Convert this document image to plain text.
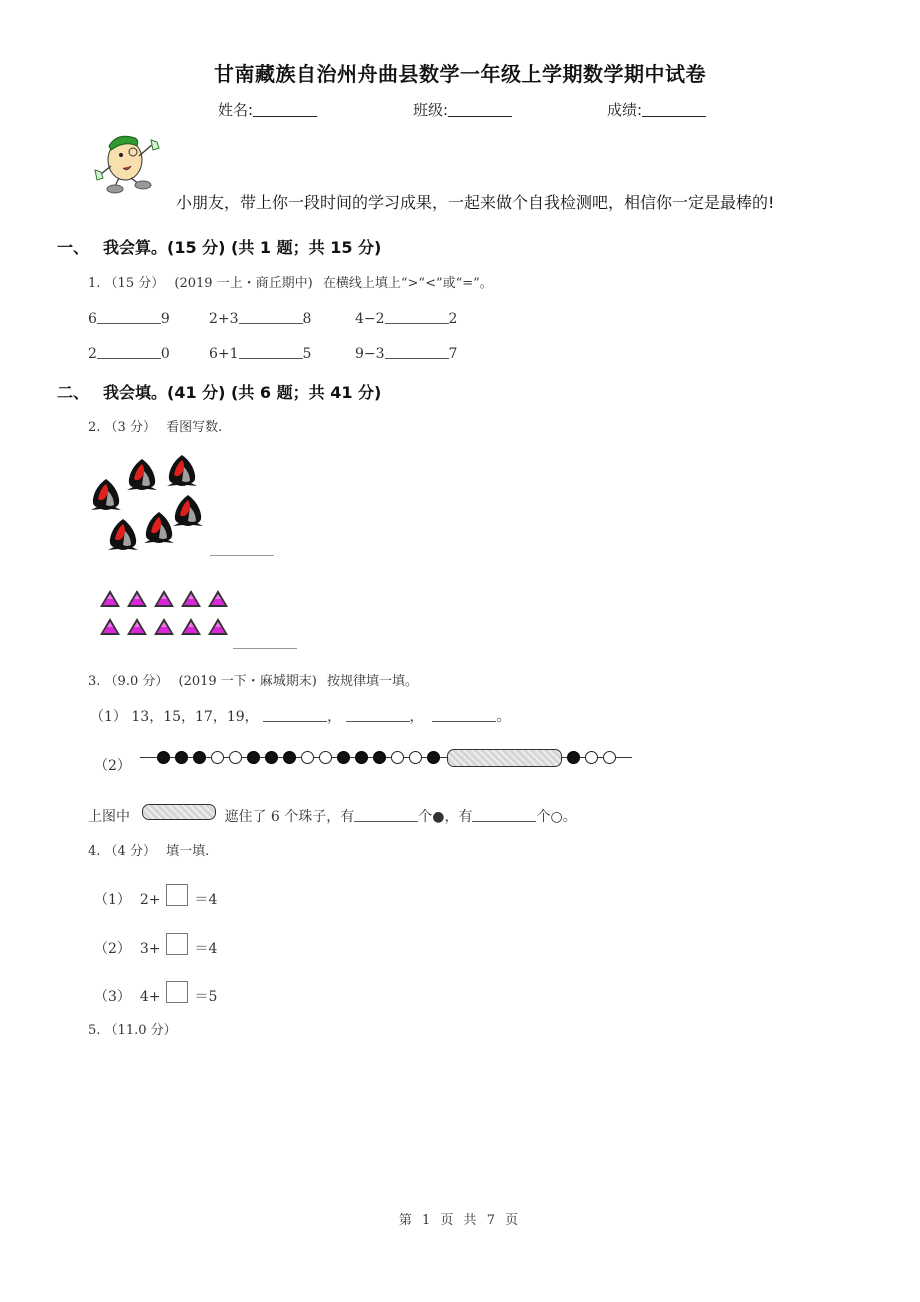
甘南藏族自治州舟曲县数学一年级上学期数学期中试卷
姓名:	班级:	成绩:
小朋友，带上你一段时间的学习成果，一起来做个自我检测吧，相信你一定是最棒的!
一、 我会算。(15 分) (共 1 题；共 15 分)
1. （15 分） (2019 一上・商丘期中) 在横线上填上“>“<”或“=”。
6	9	2+3	8	4−2	2
2	0	6+1	5	9−3	7
二、 我会填。(41 分) (共 6 题；共 41 分)
2. （3 分） 看图写数.
3. （9.0 分） (2019 一下・麻城期末) 按规律填一填。
（1） 13，15，17，19，	，	，	。
（2）
上图中	遮住了 6 个珠子，有	个●，有	个○。
4. （4 分） 填一填.
（1） 2+ ＝4
（2） 3+ ＝4
（3） 4+ ＝5
5. （11.0 分）
第 1 页 共 7 页
